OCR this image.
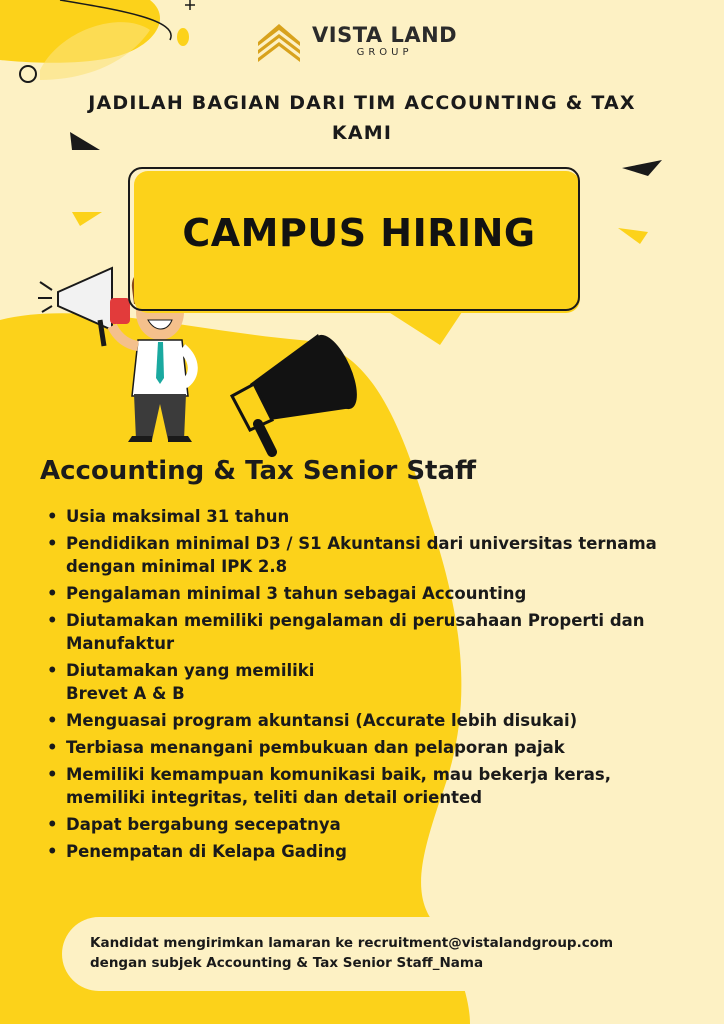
VISTA LAND
GROUP
JADILAH BAGIAN DARI TIM ACCOUNTING & TAX KAMI
CAMPUS HIRING
Accounting & Tax Senior Staff
• Usia maksimal 31 tahun
• Pendidikan minimal D3 / S1 Akuntansi dari universitas ternama dengan minimal IPK 2.8
• Pengalaman minimal 3 tahun sebagai Accounting
• Diutamakan memiliki pengalaman di perusahaan Properti dan Manufaktur
• Diutamakan yang memiliki Brevet A & B
• Menguasai program akuntansi (Accurate lebih disukai)
• Terbiasa menangani pembukuan dan pelaporan pajak
• Memiliki kemampuan komunikasi baik, mau bekerja keras, memiliki integritas, teliti dan detail oriented
• Dapat bergabung secepatnya
• Penempatan di Kelapa Gading
Kandidat mengirimkan lamaran ke recruitment@vistalandgroup.com
dengan subjek Accounting & Tax Senior Staff_Nama
